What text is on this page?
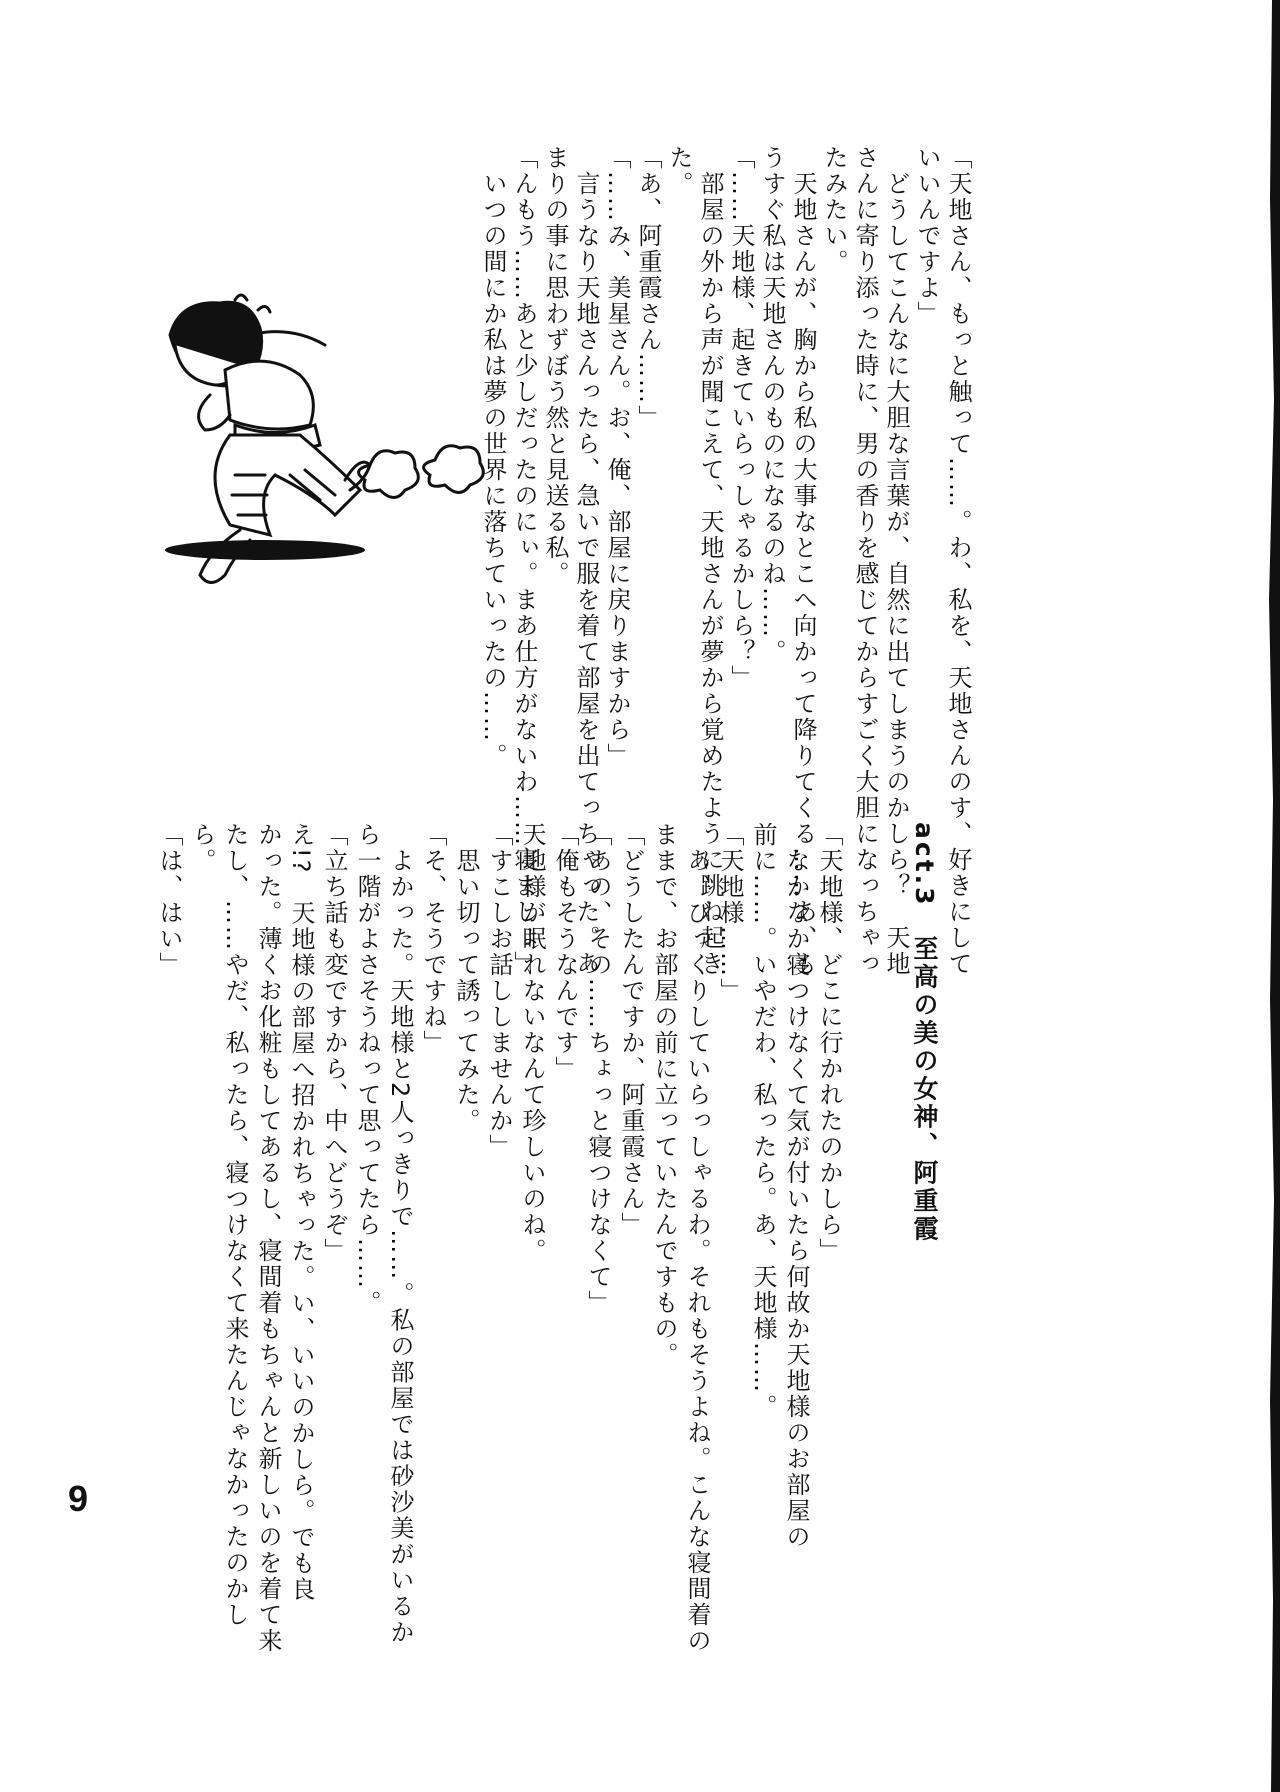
「天地さん、もっと触って……。わ、私を、天地さんのす、好きにして
いいんですよ」
　どうしてこんなに大胆な言葉が、自然に出てしまうのかしら？　天地
さんに寄り添った時に、男の香りを感じてからすごく大胆になっちゃっ
たみたい。
　天地さんが、胸から私の大事なとこへ向かって降りてくる……あ、も
うすぐ私は天地さんのものになるのね……。
「……天地様、起きていらっしゃるかしら？」
　部屋の外から声が聞こえて、天地さんが夢から覚めたように跳ね起き
た。
「あ、阿重霞さん……」
「……み、美星さん。お、俺、部屋に戻りますから」
　言うなり天地さんったら、急いで服を着て部屋を出てっちゃった。あ
まりの事に思わずぼう然と見送る私。
「んもう……あと少しだったのにぃ。まあ仕方がないわ……寝ましょ」
　いつの間にか私は夢の世界に落ちていったの……。
act.3　至高の美の女神、阿重霞
「天地様、どこに行かれたのかしら」
　なかなか寝つけなくて気が付いたら何故か天地様のお部屋の
前に……。いやだわ、私ったら。あ、天地様……。
「天地様……」
　あ、びっくりしていらっしゃるわ。それもそうよね。こんな寝間着の
ままで、お部屋の前に立っていたんですもの。
「どうしたんですか、阿重霞さん」
「あの、その……ちょっと寝つけなくて」
「俺もそうなんです」
天地様が眠れないなんて珍しいのね。
「すこしお話ししませんか」
　思い切って誘ってみた。
「そ、そうですね」
　よかった。天地様と2人っきりで……。私の部屋では砂沙美がいるか
ら一階がよさそうねって思ってたら……。
「立ち話も変ですから、中へどうぞ」
え!?　天地様の部屋へ招かれちゃった。い、いいのかしら。でも良
かった。薄くお化粧もしてあるし、寝間着もちゃんと新しいのを着て来
たし、……やだ、私ったら、寝つけなくて来たんじゃなかったのかし
ら。
「は、はい」
9
